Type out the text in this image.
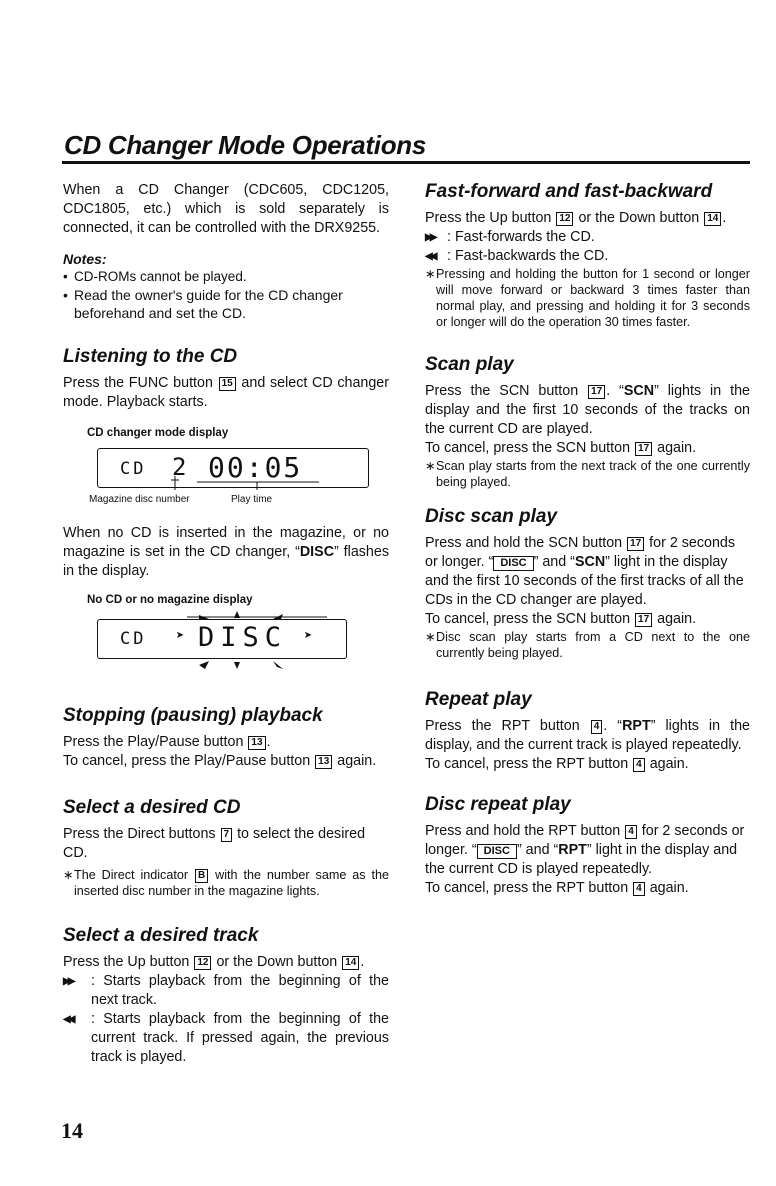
CD Changer Mode Operations

When a CD Changer (CDC605, CDC1205, CDC1805, etc.) which is sold separately is connected, it can be controlled with the DRX9255.

Notes:

• CD-ROMs cannot be played.

• Read the owner's guide for the CD changer beforehand and set the CD.

Listening to the CD

Press the FUNC button 15 and select CD changer mode. Playback starts.

CD changer mode display

CD 2 00:05
Magazine disc number	Play time

When no CD is inserted in the magazine, or no magazine is set in the CD changer, “DISC” flashes in the display.

No CD or no magazine display

CD ➤ DISC ➤
Stopping (pausing) playback

Press the Play/Pause button 13 .

To cancel, press the Play/Pause button 13 again.

Select a desired CD

Press the Direct buttons 7 to select the desired CD.

∗ The Direct indicator B with the number same as the inserted disc number in the magazine lights.

Select a desired track

Press the Up button 12 or the Down button 14 .

▶▶ : Starts playback from the beginning of the next track.

◀◀ : Starts playback from the beginning of the current track. If pressed again, the previous track is played.

Fast-forward and fast-backward

Press the Up button 12 or the Down button 14 .

▶▶ : Fast-forwards the CD.

◀◀ : Fast-backwards the CD.

∗ Pressing and holding the button for 1 second or longer will move forward or backward 3 times faster than normal play, and pressing and holding it for 3 seconds or longer will do the operation 30 times faster.

Scan play

Press the SCN button 17 . “SCN” lights in the display and the first 10 seconds of the tracks on the current CD are played.

To cancel, press the SCN button 17 again.

∗ Scan play starts from the next track of the one currently being played.

Disc scan play

Press and hold the SCN button 17 for 2 seconds or longer. “ DISC ” and “SCN” light in the display and the first 10 seconds of the first tracks of all the CDs in the CD changer are played.

To cancel, press the SCN button 17 again.

∗ Disc scan play starts from a CD next to the one currently being played.

Repeat play

Press the RPT button 4 . “RPT” lights in the display, and the current track is played repeatedly.

To cancel, press the RPT button 4 again.

Disc repeat play

Press and hold the RPT button 4 for 2 seconds or longer. “ DISC ” and “RPT” light in the display and the current CD is played repeatedly.

To cancel, press the RPT button 4 again.

14
